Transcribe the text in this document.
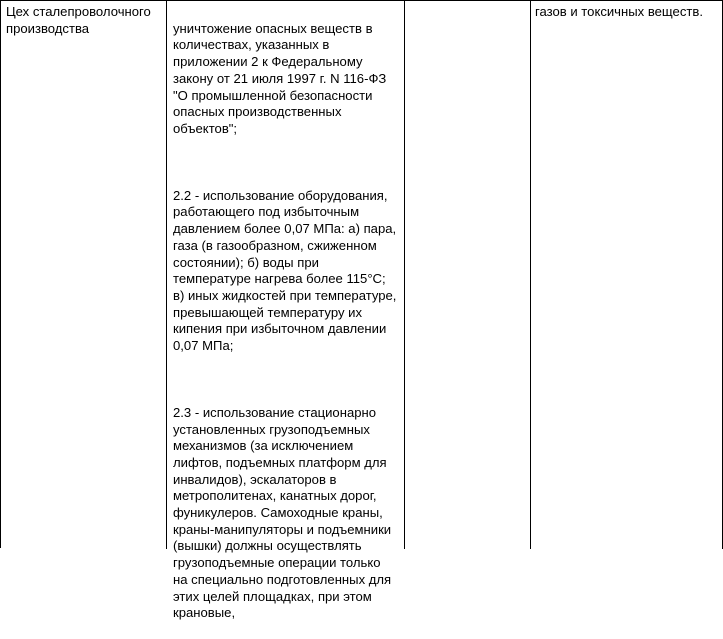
Цех сталепроволочного
производства	уничтожение опасных веществ в
количествах, указанных в
приложении 2 к Федеральному
закону от 21 июля 1997 г. N 116-ФЗ
"О промышленной безопасности
опасных производственных
объектов";

2.2 - использование оборудования,
работающего под избыточным
давлением более 0,07 МПа: а) пара,
газа (в газообразном, сжиженном
состоянии); б) воды при
температуре нагрева более 115°С;
в) иных жидкостей при температуре,
превышающей температуру их
кипения при избыточном давлении
0,07 МПа;

2.3 - использование стационарно
установленных грузоподъемных
механизмов (за исключением
лифтов, подъемных платформ для
инвалидов), эскалаторов в
метрополитенах, канатных дорог,
фуникулеров. Самоходные краны,
краны-манипуляторы и подъемники
(вышки) должны осуществлять
грузоподъемные операции только
на специально подготовленных для
этих целей площадках, при этом
крановые,

газов и токсичных веществ.
